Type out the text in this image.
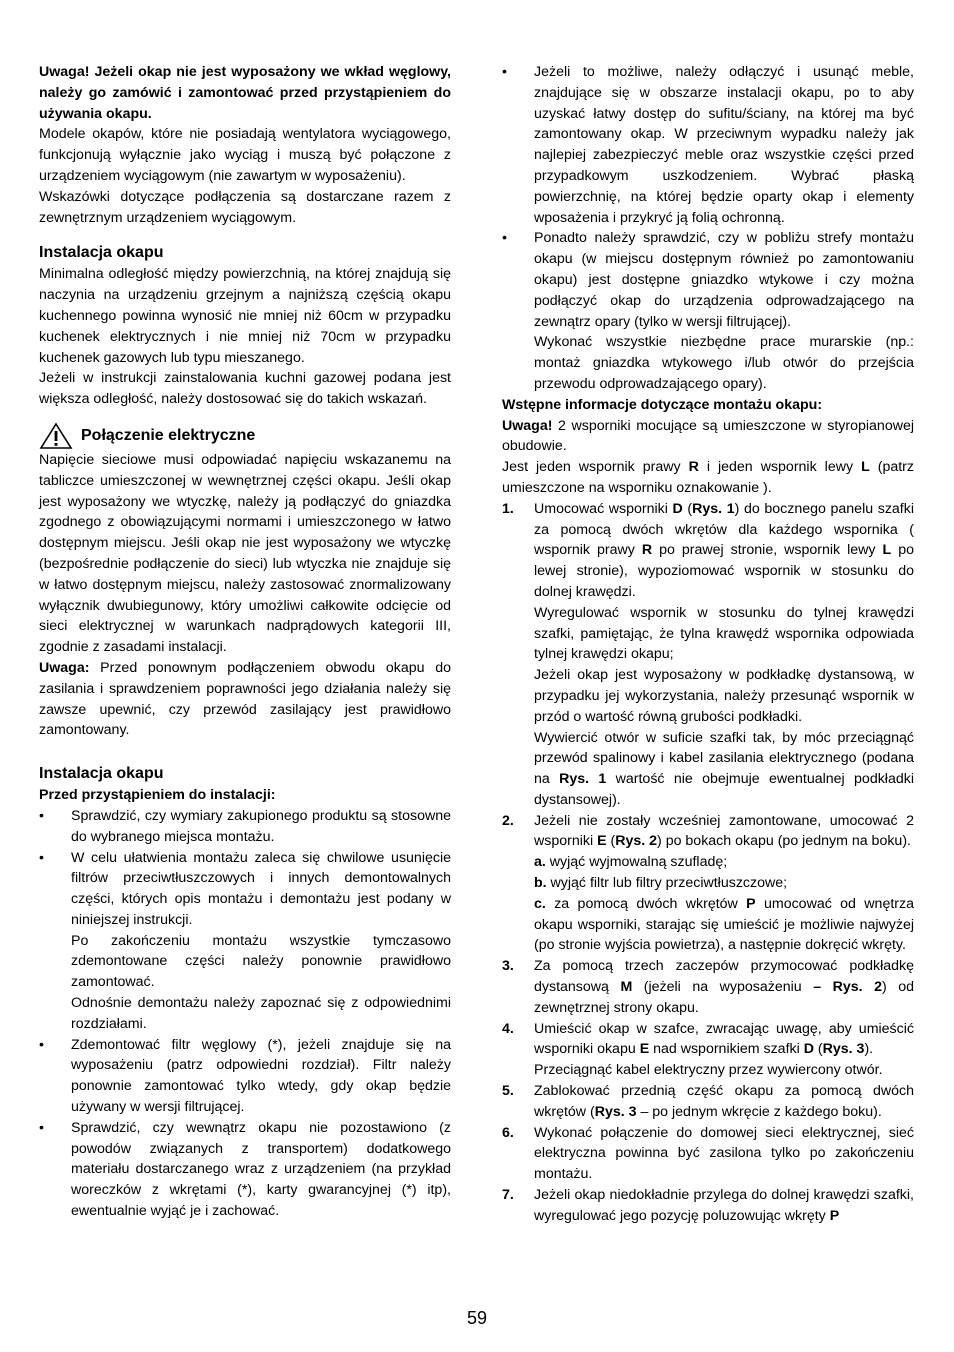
Uwaga! Jeżeli okap nie jest wyposażony we wkład węglowy, należy go zamówić i zamontować przed przystąpieniem do używania okapu.

Modele okapów, które nie posiadają wentylatora wyciągowego, funkcjonują wyłącznie jako wyciąg i muszą być połączone z urządzeniem wyciągowym (nie zawartym w wyposażeniu).

Wskazówki dotyczące podłączenia są dostarczane razem z zewnętrznym urządzeniem wyciągowym.

Instalacja okapu

Minimalna odległość między powierzchnią, na której znajdują się naczynia na urządzeniu grzejnym a najniższą częścią okapu kuchennego powinna wynosić nie mniej niż 60cm w przypadku kuchenek elektrycznych i nie mniej niż 70cm w przypadku kuchenek gazowych lub typu mieszanego.

Jeżeli w instrukcji zainstalowania kuchni gazowej podana jest większa odległość, należy dostosować się do takich wskazań.

Połączenie elektryczne

Napięcie sieciowe musi odpowiadać napięciu wskazanemu na tabliczce umieszczonej w wewnętrznej części okapu. Jeśli okap jest wyposażony we wtyczkę, należy ją podłączyć do gniazdka zgodnego z obowiązującymi normami i umieszczonego w łatwo dostępnym miejscu. Jeśli okap nie jest wyposażony we wtyczkę (bezpośrednie podłączenie do sieci) lub wtyczka nie znajduje się w łatwo dostępnym miejscu, należy zastosować znormalizowany wyłącznik dwubiegunowy, który umożliwi całkowite odcięcie od sieci elektrycznej w warunkach nadprądowych kategorii III, zgodnie z zasadami instalacji.

Uwaga: Przed ponownym podłączeniem obwodu okapu do zasilania i sprawdzeniem poprawności jego działania należy się zawsze upewnić, czy przewód zasilający jest prawidłowo zamontowany.

Instalacja okapu
Przed przystąpieniem do instalacji:
• Sprawdzić, czy wymiary zakupionego produktu są stosowne do wybranego miejsca montażu.
• W celu ułatwienia montażu zaleca się chwilowe usunięcie filtrów przeciwtłuszczowych i innych demontowalnych części, których opis montażu i demontażu jest podany w niniejszej instrukcji.
Po zakończeniu montażu wszystkie tymczasowo zdemontowane części należy ponownie prawidłowo zamontować.
Odnośnie demontażu należy zapoznać się z odpowiednimi rozdziałami.
• Zdemontować filtr węglowy (*), jeżeli znajduje się na wyposażeniu (patrz odpowiedni rozdział). Filtr należy ponownie zamontować tylko wtedy, gdy okap będzie używany w wersji filtrującej.
• Sprawdzić, czy wewnątrz okapu nie pozostawiono (z powodów związanych z transportem) dodatkowego materiału dostarczanego wraz z urządzeniem (na przykład woreczków z wkrętami (*), karty gwarancyjnej (*) itp), ewentualnie wyjąć je i zachować.
• Jeżeli to możliwe, należy odłączyć i usunąć meble, znajdujące się w obszarze instalacji okapu, po to aby uzyskać łatwy dostęp do sufitu/ściany, na której ma być zamontowany okap. W przeciwnym wypadku należy jak najlepiej zabezpieczyć meble oraz wszystkie części przed przypadkowym uszkodzeniem. Wybrać płaską powierzchnię, na której będzie oparty okap i elementy wposażenia i przykryć ją folią ochronną.
• Ponadto należy sprawdzić, czy w pobliżu strefy montażu okapu (w miejscu dostępnym również po zamontowaniu okapu) jest dostępne gniazdko wtykowe i czy można podłączyć okap do urządzenia odprowadzającego na zewnątrz opary (tylko w wersji filtrującej).
Wykonać wszystkie niezbędne prace murarskie (np.: montaż gniazdka wtykowego i/lub otwór do przejścia przewodu odprowadzającego opary).
Wstępne informacje dotyczące montażu okapu:

Uwaga! 2 wsporniki mocujące są umieszczone w styropianowej obudowie.

Jest jeden wspornik prawy R i jeden wspornik lewy L (patrz umieszczone na wsporniku oznakowanie ).

1. Umocować wsporniki D (Rys. 1) do bocznego panelu szafki za pomocą dwóch wkrętów dla każdego wspornika ( wspornik prawy R po prawej stronie, wspornik lewy L po lewej stronie), wypoziomować wspornik w stosunku do dolnej krawędzi.
Wyregulować wspornik w stosunku do tylnej krawędzi szafki, pamiętając, że tylna krawędź wspornika odpowiada tylnej krawędzi okapu;
Jeżeli okap jest wyposażony w podkładkę dystansową, w przypadku jej wykorzystania, należy przesunąć wspornik w przód o wartość równą grubości podkładki.
Wywiercić otwór w suficie szafki tak, by móc przeciągnąć przewód spalinowy i kabel zasilania elektrycznego (podana na Rys. 1 wartość nie obejmuje ewentualnej podkładki dystansowej).
2. Jeżeli nie zostały wcześniej zamontowane, umocować 2 wsporniki E (Rys. 2) po bokach okapu (po jednym na boku).
a. wyjąć wyjmowalną szufladę;
b. wyjąć filtr lub filtry przeciwtłuszczowe;
c. za pomocą dwóch wkrętów P umocować od wnętrza okapu wsporniki, starając się umieścić je możliwie najwyżej (po stronie wyjścia powietrza), a następnie dokręcić wkręty.
3. Za pomocą trzech zaczepów przymocować podkładkę dystansową M (jeżeli na wyposażeniu – Rys. 2) od zewnętrznej strony okapu.
4. Umieścić okap w szafce, zwracając uwagę, aby umieścić wsporniki okapu E nad wspornikiem szafki D (Rys. 3).
Przeciągnąć kabel elektryczny przez wywiercony otwór.
5. Zablokować przednią część okapu za pomocą dwóch wkrętów (Rys. 3 – po jednym wkręcie z każdego boku).
6. Wykonać połączenie do domowej sieci elektrycznej, sieć elektryczna powinna być zasilona tylko po zakończeniu montażu.
7. Jeżeli okap niedokładnie przylega do dolnej krawędzi szafki, wyregulować jego pozycję poluzowując wkręty P
59
